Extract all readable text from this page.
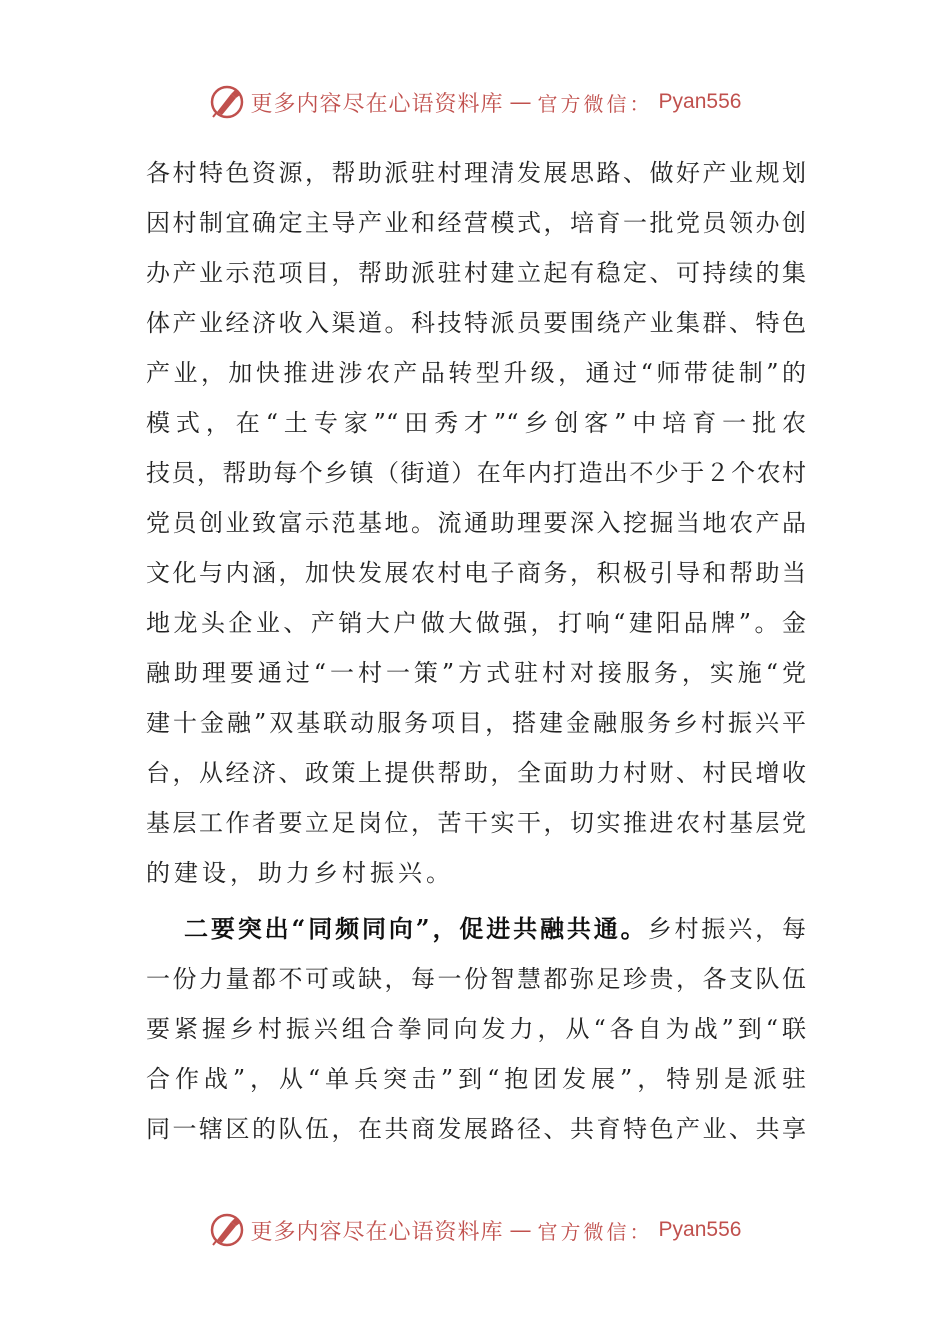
更多内容尽在心语资料库 — 官方微信： Pyan556
各村特色资源，帮助派驻村理清发展思路、做好产业规划
因村制宜确定主导产业和经营模式，培育一批党员领办创
办产业示范项目，帮助派驻村建立起有稳定、可持续的集
体产业经济收入渠道。科技特派员要围绕产业集群、特色
产业，加快推进涉农产品转型升级，通过“师带徒制”的
模式，在“土专家”“田秀才”“乡创客”中培育一批农
技员，帮助每个乡镇（街道）在年内打造出不少于２个农村
党员创业致富示范基地。流通助理要深入挖掘当地农产品
文化与内涵，加快发展农村电子商务，积极引导和帮助当
地龙头企业、产销大户做大做强，打响“建阳品牌”。金
融助理要通过“一村一策”方式驻村对接服务，实施“党
建十金融”双基联动服务项目，搭建金融服务乡村振兴平
台，从经济、政策上提供帮助，全面助力村财、村民增收
基层工作者要立足岗位，苦干实干，切实推进农村基层党
的建设，助力乡村振兴。
二要突出“同频同向”，促进共融共通。乡村振兴，每
一份力量都不可或缺，每一份智慧都弥足珍贵，各支队伍
要紧握乡村振兴组合拳同向发力，从“各自为战”到“联
合作战”，从“单兵突击”到“抱团发展”，特别是派驻
同一辖区的队伍，在共商发展路径、共育特色产业、共享
更多内容尽在心语资料库 — 官方微信： Pyan556
